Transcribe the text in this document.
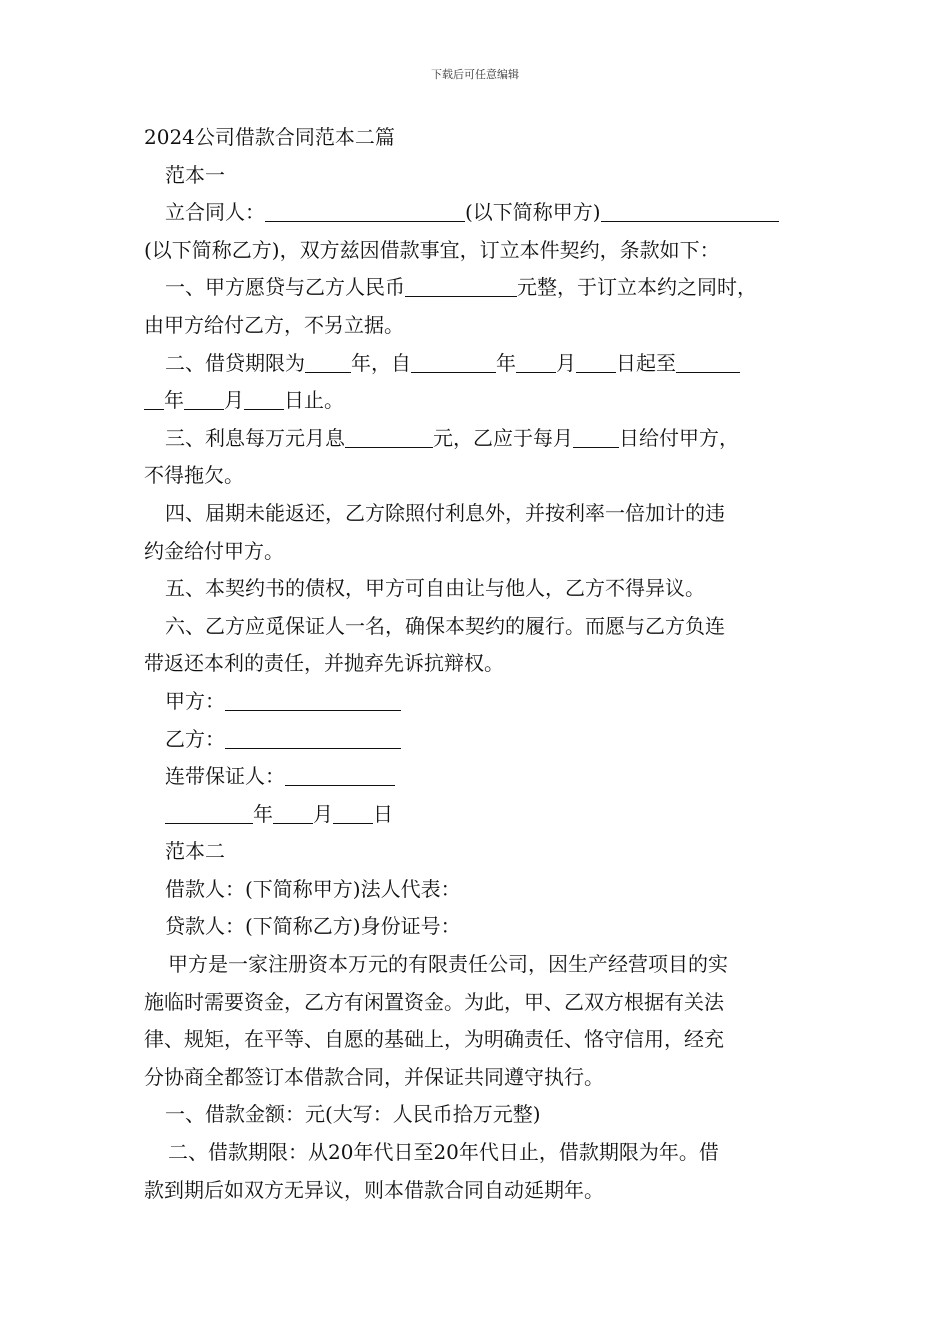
下载后可任意编辑
2024公司借款合同范本二篇
范本一
立合同人：	(以下简称甲方)
(以下简称乙方)，双方兹因借款事宜，订立本件契约，条款如下：
一、甲方愿贷与乙方人民币	元整，于订立本约之同时，
由甲方给付乙方，不另立据。
二、借贷期限为 年，自	年 月 日起至
年 月 日止。
三、利息每万元月息	元，乙应于每月 日给付甲方，
不得拖欠。
四、届期未能返还，乙方除照付利息外，并按利率一倍加计的违
约金给付甲方。
五、本契约书的债权，甲方可自由让与他人，乙方不得异议。
六、乙方应觅保证人一名，确保本契约的履行。而愿与乙方负连
带返还本利的责任，并抛弃先诉抗辩权。
甲方：
乙方：
连带保证人：
年 月 日
范本二
借款人：(下简称甲方)法人代表：
贷款人：(下简称乙方)身份证号：
甲方是一家注册资本万元的有限责任公司，因生产经营项目的实
施临时需要资金，乙方有闲置资金。为此，甲、乙双方根据有关法
律、规矩，在平等、自愿的基础上，为明确责任、恪守信用，经充
分协商全都签订本借款合同，并保证共同遵守执行。
一、借款金额：元(大写：人民币拾万元整)
二、借款期限：从20年代日至20年代日止，借款期限为年。借
款到期后如双方无异议，则本借款合同自动延期年。
